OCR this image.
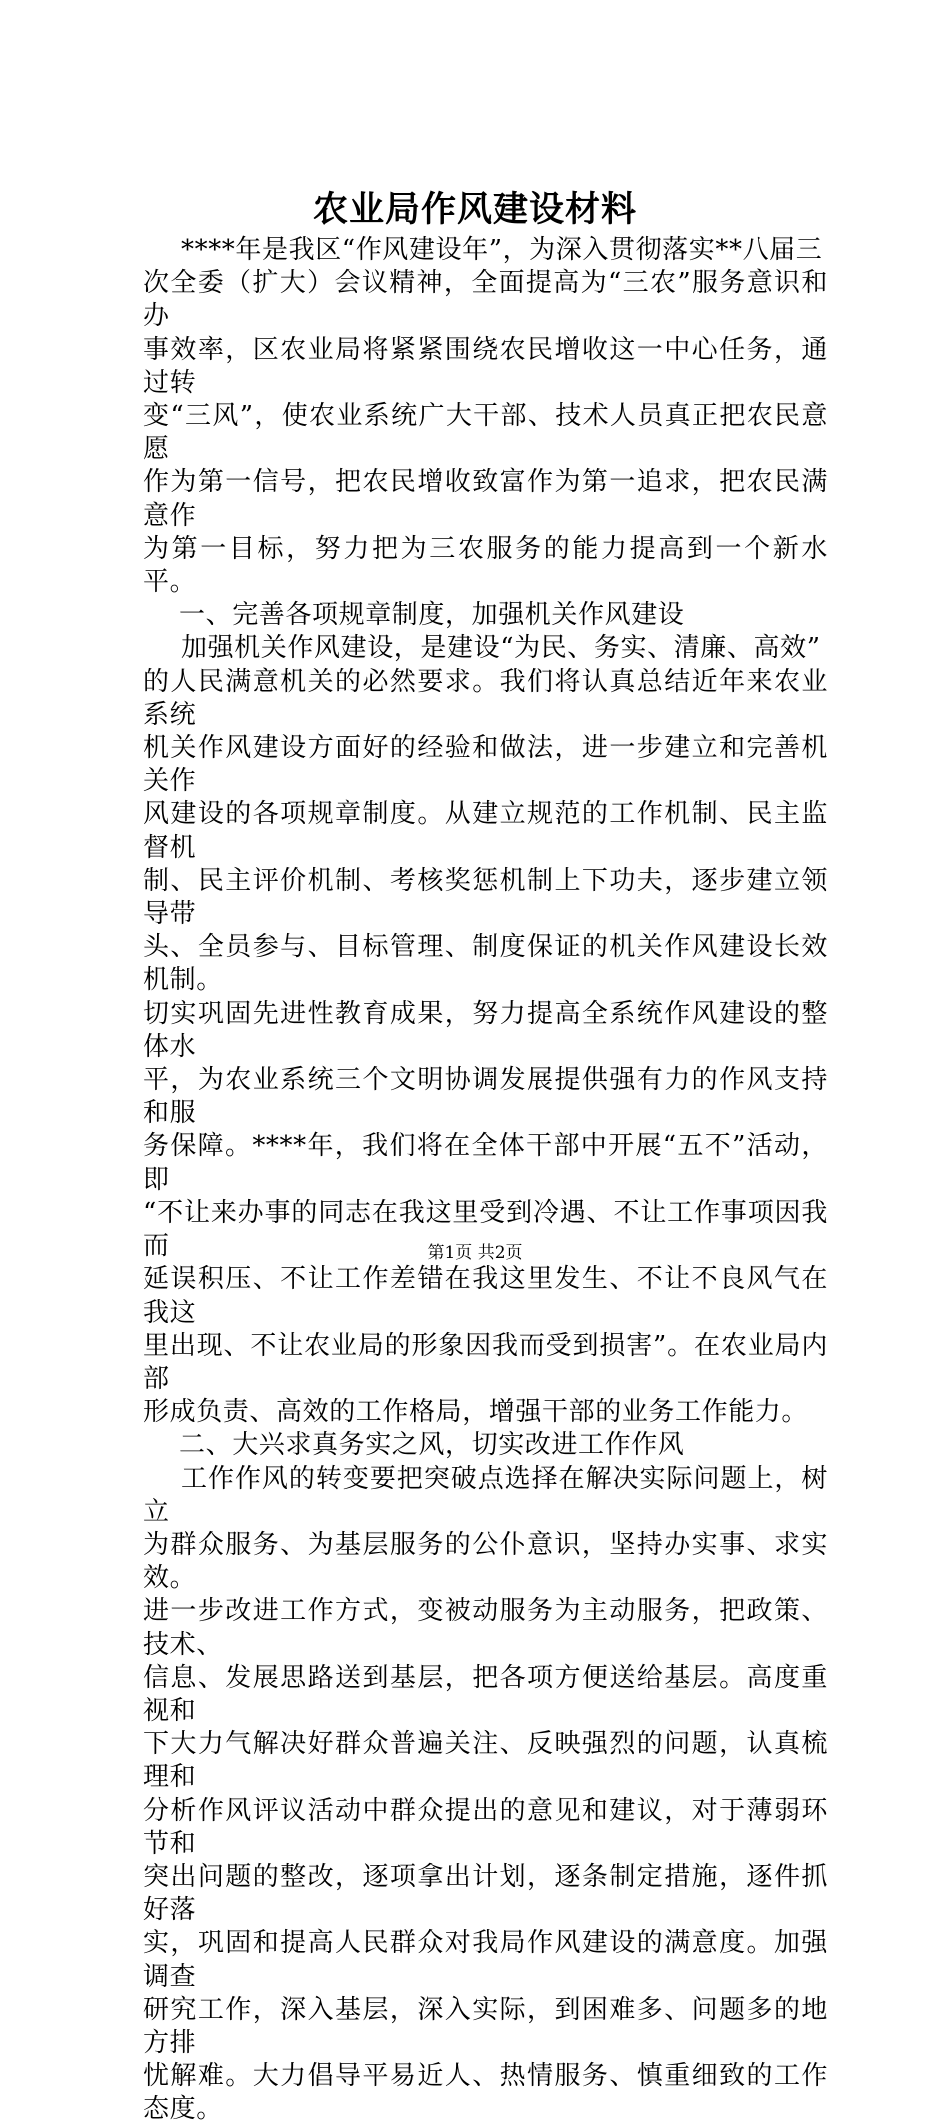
农业局作风建设材料

****年是我区“作风建设年”，为深入贯彻落实**八届三
次全委（扩大）会议精神，全面提高为“三农”服务意识和办
事效率，区农业局将紧紧围绕农民增收这一中心任务，通过转
变“三风”，使农业系统广大干部、技术人员真正把农民意愿
作为第一信号，把农民增收致富作为第一追求，把农民满意作
为第一目标，努力把为三农服务的能力提高到一个新水平。

一、完善各项规章制度，加强机关作风建设

加强机关作风建设，是建设“为民、务实、清廉、高效”
的人民满意机关的必然要求。我们将认真总结近年来农业系统
机关作风建设方面好的经验和做法，进一步建立和完善机关作
风建设的各项规章制度。从建立规范的工作机制、民主监督机
制、民主评价机制、考核奖惩机制上下功夫，逐步建立领导带
头、全员参与、目标管理、制度保证的机关作风建设长效机制。
切实巩固先进性教育成果，努力提高全系统作风建设的整体水
平，为农业系统三个文明协调发展提供强有力的作风支持和服
务保障。****年，我们将在全体干部中开展“五不”活动，即
“不让来办事的同志在我这里受到冷遇、不让工作事项因我而
延误积压、不让工作差错在我这里发生、不让不良风气在我这
里出现、不让农业局的形象因我而受到损害”。在农业局内部
形成负责、高效的工作格局，增强干部的业务工作能力。

二、大兴求真务实之风，切实改进工作作风

工作作风的转变要把突破点选择在解决实际问题上，树立
为群众服务、为基层服务的公仆意识，坚持办实事、求实效。
进一步改进工作方式，变被动服务为主动服务，把政策、技术、
信息、发展思路送到基层，把各项方便送给基层。高度重视和
下大力气解决好群众普遍关注、反映强烈的问题，认真梳理和
分析作风评议活动中群众提出的意见和建议，对于薄弱环节和
突出问题的整改，逐项拿出计划，逐条制定措施，逐件抓好落
实，巩固和提高人民群众对我局作风建设的满意度。加强调查
研究工作，深入基层，深入实际，到困难多、问题多的地方排
忧解难。大力倡导平易近人、热情服务、慎重细致的工作态度。

第1页 共2页
